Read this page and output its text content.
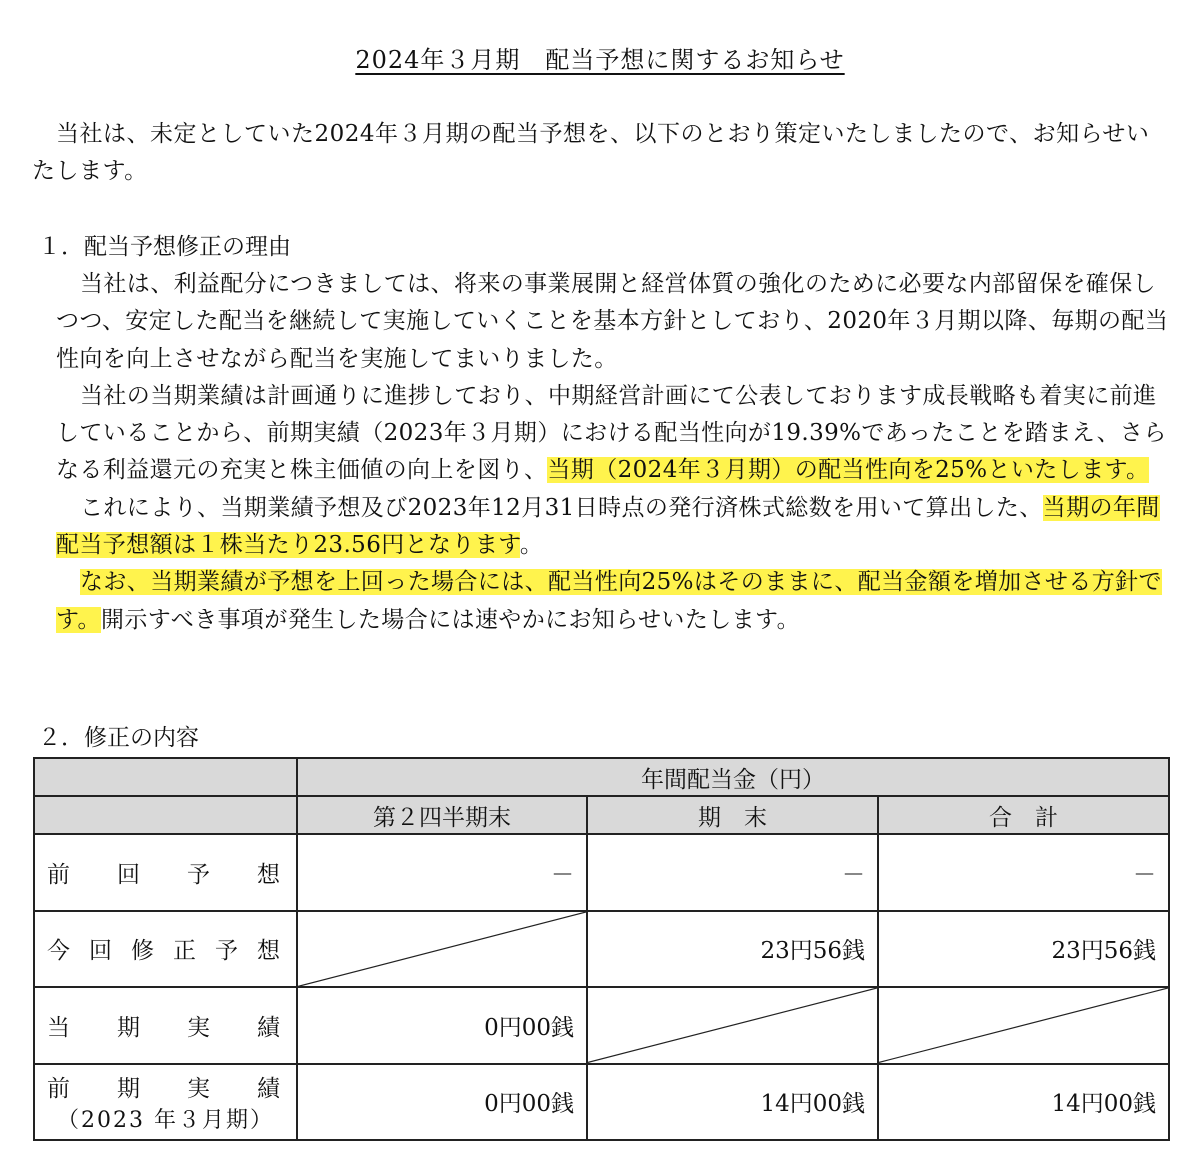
2024年３月期　配当予想に関するお知らせ

当社は、未定としていた2024年３月期の配当予想を、以下のとおり策定いたしましたので、お知らせいたします。

１．配当予想修正の理由

当社は、利益配分につきましては、将来の事業展開と経営体質の強化のために必要な内部留保を確保しつつ、安定した配当を継続して実施していくことを基本方針としており、2020年３月期以降、毎期の配当性向を向上させながら配当を実施してまいりました。

当社の当期業績は計画通りに進捗しており、中期経営計画にて公表しております成長戦略も着実に前進していることから、前期実績（2023年３月期）における配当性向が19.39%であったことを踏まえ、さらなる利益還元の充実と株主価値の向上を図り、当期（2024年３月期）の配当性向を25%といたします。

これにより、当期業績予想及び2023年12月31日時点の発行済株式総数を用いて算出した、当期の年間配当予想額は１株当たり23.56円となります。

なお、当期業績が予想を上回った場合には、配当性向25%はそのままに、配当金額を増加させる方針です。開示すべき事項が発生した場合には速やかにお知らせいたします。

２．修正の内容

	年間配当金（円）		
	第２四半期末	期　末	合　計
前回予想	－	－	－
今回修正予想		23円56銭	23円56銭
当期実績	0円00銭	

前期実績
（2023 年３月期）	0円00銭	14円00銭	14円00銭
